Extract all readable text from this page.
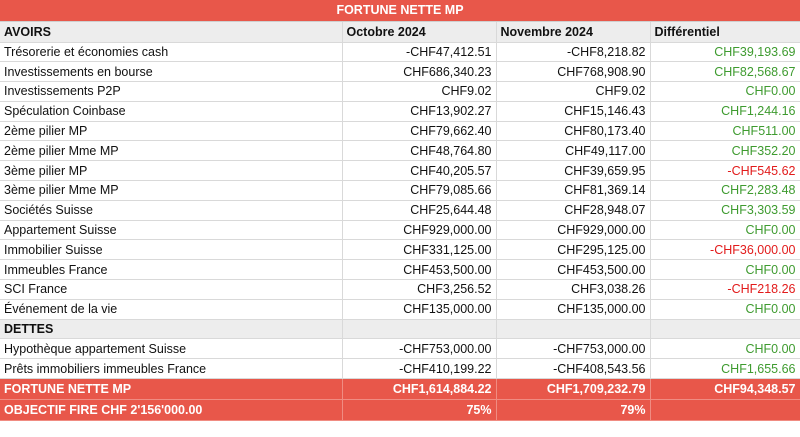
FORTUNE NETTE MP
AVOIRS	Octobre 2024	Novembre 2024	Différentiel
Trésorerie et économies cash	-CHF47,412.51	-CHF8,218.82	CHF39,193.69
Investissements en bourse	CHF686,340.23	CHF768,908.90	CHF82,568.67
Investissements P2P	CHF9.02	CHF9.02	CHF0.00
Spéculation Coinbase	CHF13,902.27	CHF15,146.43	CHF1,244.16
2ème pilier MP	CHF79,662.40	CHF80,173.40	CHF511.00
2ème pilier Mme MP	CHF48,764.80	CHF49,117.00	CHF352.20
3ème pilier MP	CHF40,205.57	CHF39,659.95	-CHF545.62
3ème pilier Mme MP	CHF79,085.66	CHF81,369.14	CHF2,283.48
Sociétés Suisse	CHF25,644.48	CHF28,948.07	CHF3,303.59
Appartement Suisse	CHF929,000.00	CHF929,000.00	CHF0.00
Immobilier Suisse	CHF331,125.00	CHF295,125.00	-CHF36,000.00
Immeubles France	CHF453,500.00	CHF453,500.00	CHF0.00
SCI France	CHF3,256.52	CHF3,038.26	-CHF218.26
Événement de la vie	CHF135,000.00	CHF135,000.00	CHF0.00
DETTES			
Hypothèque appartement Suisse	-CHF753,000.00	-CHF753,000.00	CHF0.00
Prêts immobiliers immeubles France	-CHF410,199.22	-CHF408,543.56	CHF1,655.66
FORTUNE NETTE MP	CHF1,614,884.22	CHF1,709,232.79	CHF94,348.57
OBJECTIF FIRE CHF 2'156'000.00	75%	79%	
